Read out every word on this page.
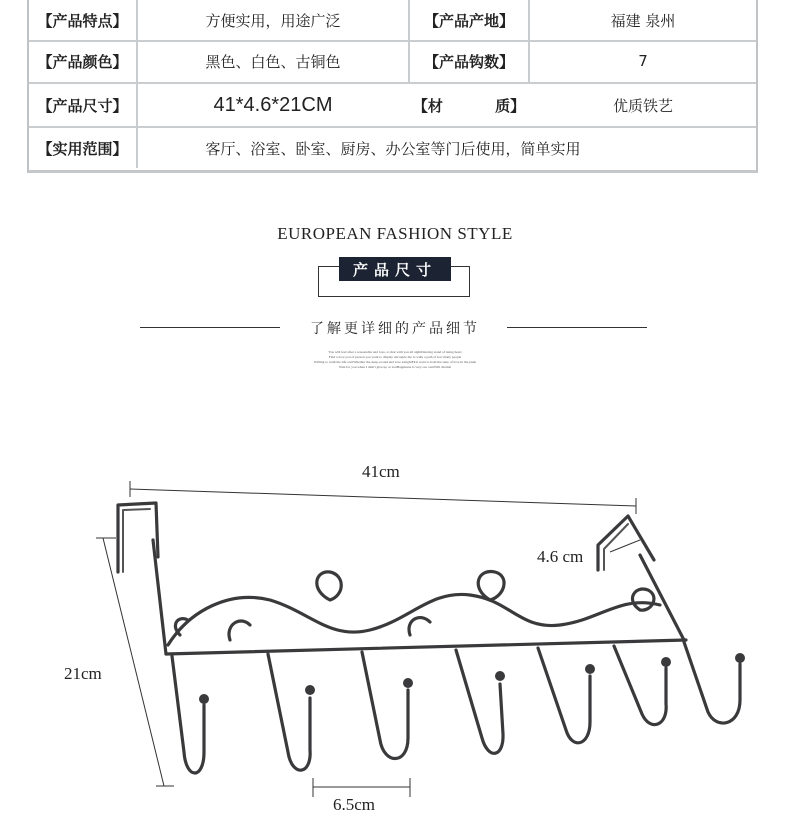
【产品特点】	方便实用，用途广泛	【产品产地】	福建 泉州
【产品颜色】	黑色、白色、古铜色	【产品钩数】	7
【产品尺寸】	41*4.6*21CM	【材          质】	优质铁艺
【实用范围】	客厅、浴室、卧室、厨房、办公室等门后使用，简单实用
EUROPEAN FASHION STYLE
产品尺寸
了解更详细的产品细节
You will feel after a reasonable and love, to that with you all nightDancing stand of being heart
Find a love you of person you want to display uncouple me to walk a path of few many people
Willing to walk the life ownWhether the deep-rooted and love tonightFirst want to hold the state of love in the plain
Wait for you when I didn't give up or lostHappiness is very our ownWill cherish
41cm
4.6 cm
21cm
6.5cm
